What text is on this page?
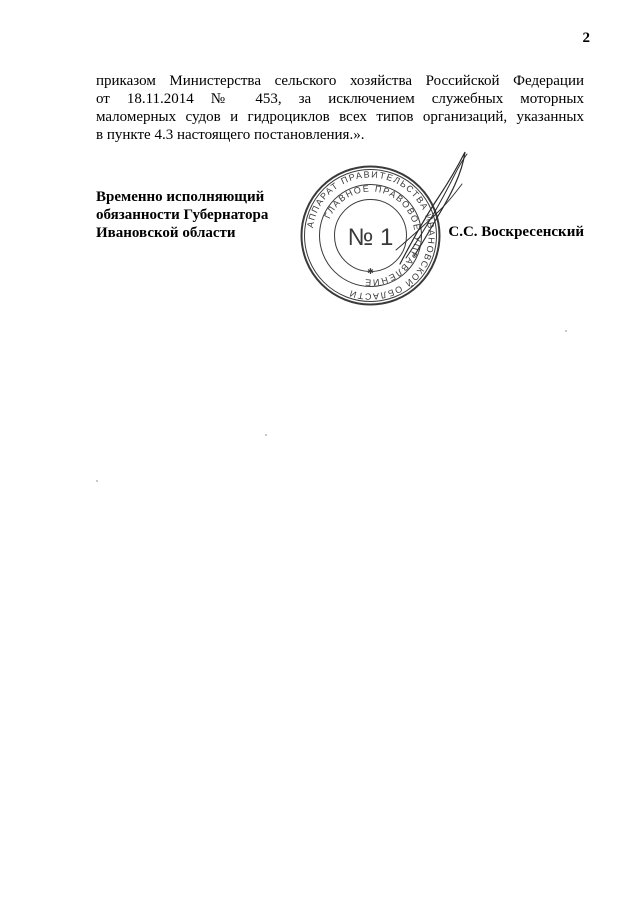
2
приказом Министерства сельского хозяйства Российской Федерации
от 18.11.2014 № 453, за исключением служебных моторных
маломерных судов и гидроциклов всех типов организаций, указанных
в пункте 4.3 настоящего постановления.».
Временно исполняющий
обязанности Губернатора
Ивановской области
АППАРАТ ПРАВИТЕЛЬСТВА ИВАНОВСКОЙ ОБЛАСТИ
ГЛАВНОЕ ПРАВОВОЕ УПРАВЛЕНИЕ
№ 1
✱
С.С. Воскресенский
